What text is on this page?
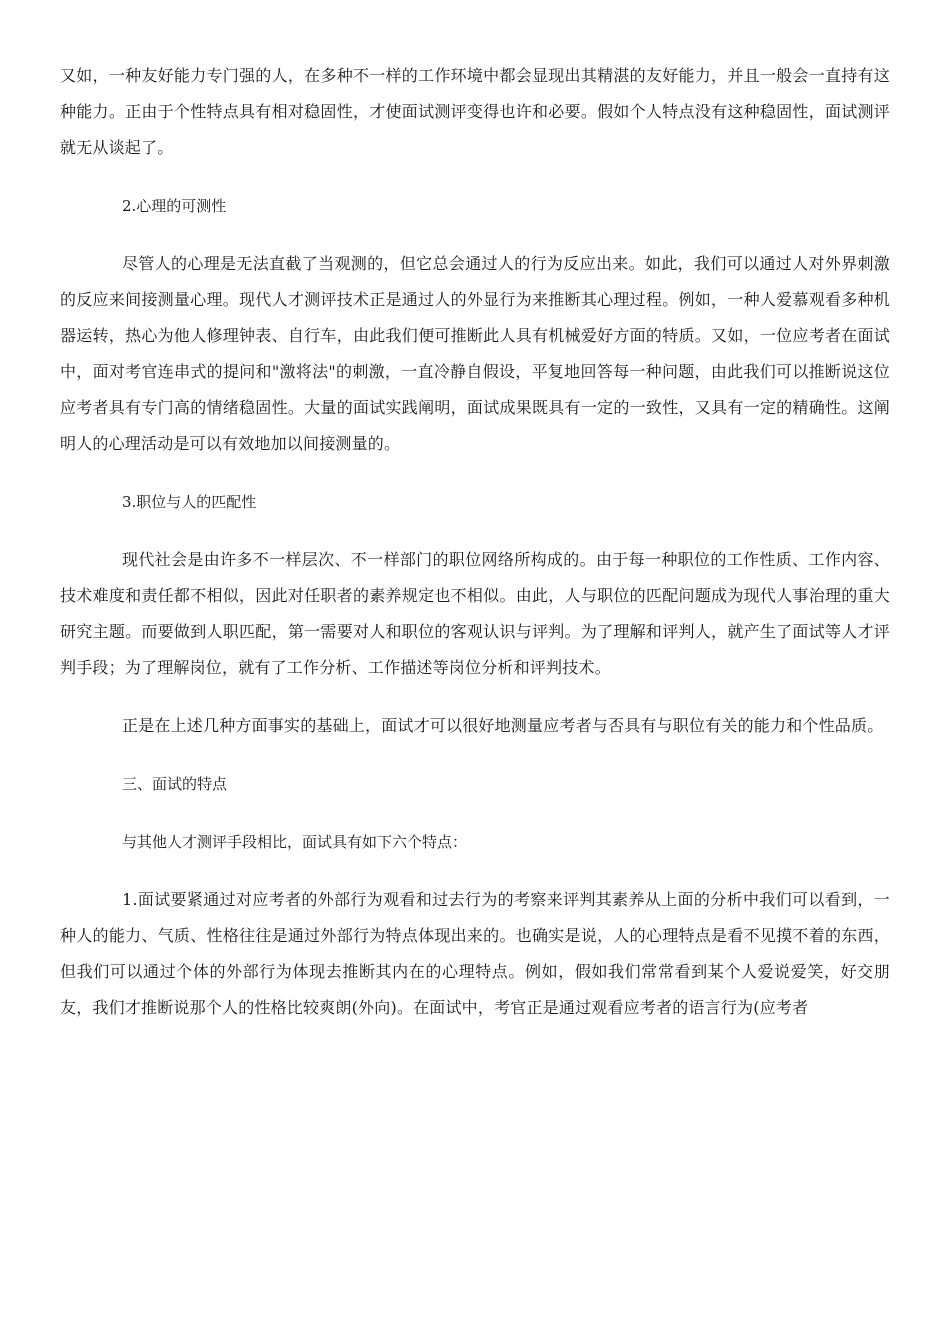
又如，一种友好能力专门强的人，在多种不一样的工作环境中都会显现出其精湛的友好能力，并且一般会一直持有这种能力。正由于个性特点具有相对稳固性，才使面试测评变得也许和必要。假如个人特点没有这种稳固性，面试测评就无从谈起了。

2.心理的可测性

尽管人的心理是无法直截了当观测的，但它总会通过人的行为反应出来。如此，我们可以通过人对外界刺激的反应来间接测量心理。现代人才测评技术正是通过人的外显行为来推断其心理过程。例如，一种人爱慕观看多种机器运转，热心为他人修理钟表、自行车，由此我们便可推断此人具有机械爱好方面的特质。又如，一位应考者在面试中，面对考官连串式的提问和"激将法"的刺激，一直冷静自假设，平复地回答每一种问题，由此我们可以推断说这位应考者具有专门高的情绪稳固性。大量的面试实践阐明，面试成果既具有一定的一致性，又具有一定的精确性。这阐明人的心理活动是可以有效地加以间接测量的。

3.职位与人的匹配性

现代社会是由许多不一样层次、不一样部门的职位网络所构成的。由于每一种职位的工作性质、工作内容、技术难度和责任都不相似，因此对任职者的素养规定也不相似。由此，人与职位的匹配问题成为现代人事治理的重大研究主题。而要做到人职匹配，第一需要对人和职位的客观认识与评判。为了理解和评判人，就产生了面试等人才评判手段；为了理解岗位，就有了工作分析、工作描述等岗位分析和评判技术。

正是在上述几种方面事实的基础上，面试才可以很好地测量应考者与否具有与职位有关的能力和个性品质。

三、面试的特点

与其他人才测评手段相比，面试具有如下六个特点：

1.面试要紧通过对应考者的外部行为观看和过去行为的考察来评判其素养从上面的分析中我们可以看到，一种人的能力、气质、性格往往是通过外部行为特点体现出来的。也确实是说，人的心理特点是看不见摸不着的东西，但我们可以通过个体的外部行为体现去推断其内在的心理特点。例如，假如我们常常看到某个人爱说爱笑，好交朋友，我们才推断说那个人的性格比较爽朗(外向)。在面试中，考官正是通过观看应考者的语言行为(应考者
